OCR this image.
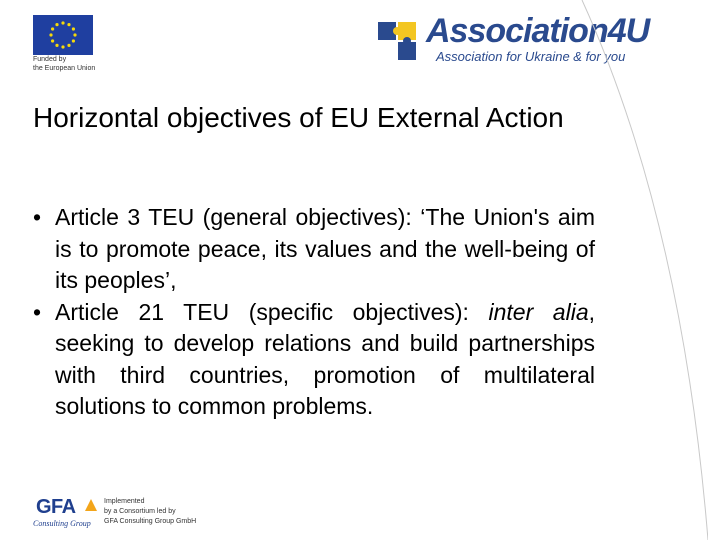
Funded by
the European Union
Association4U
Association for Ukraine & for you
Horizontal objectives of EU External Action
• Article 3 TEU (general objectives): ‘The Union's aim is to promote peace, its values and the well-being of its peoples’,
• Article 21 TEU (specific objectives): inter alia, seeking to develop relations and build partnerships with third countries, promotion of multilateral solutions to common problems.
GFA
Consulting Group
Implemented
by a Consortium led by
GFA Consulting Group GmbH
